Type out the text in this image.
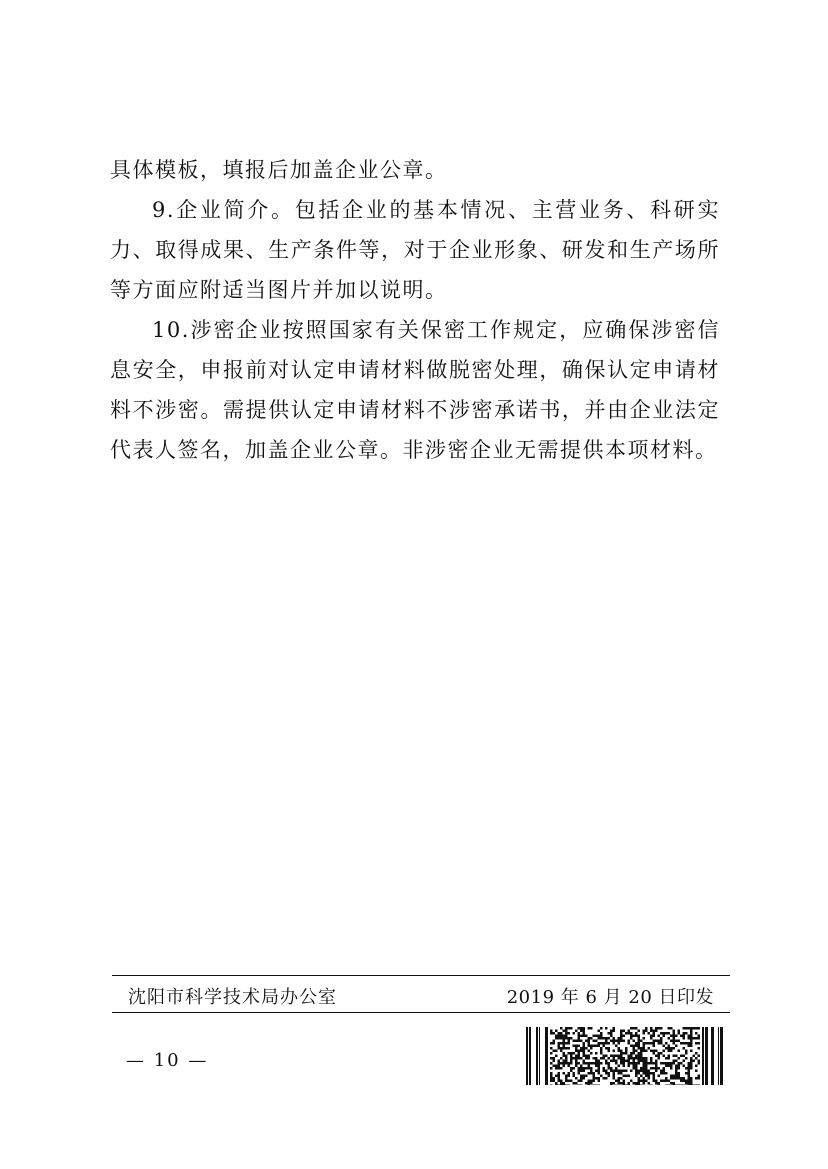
具体模板，填报后加盖企业公章。

9.企业简介。包括企业的基本情况、主营业务、科研实力、取得成果、生产条件等，对于企业形象、研发和生产场所等方面应附适当图片并加以说明。

10.涉密企业按照国家有关保密工作规定，应确保涉密信息安全，申报前对认定申请材料做脱密处理，确保认定申请材料不涉密。需提供认定申请材料不涉密承诺书，并由企业法定代表人签名，加盖企业公章。非涉密企业无需提供本项材料。

沈阳市科学技术局办公室	2019 年 6 月 20 日印发
— 10 —
